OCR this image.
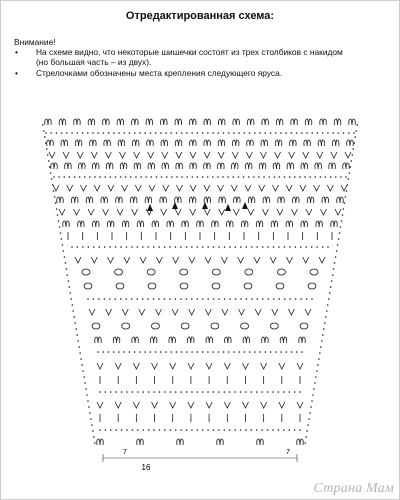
Отредактированная схема:
Внимание!
• На схеме видно, что некоторые шишечки состоят из трех столбиков с накидом
(но большая часть – из двух).
• Стрелочками обозначены места крепления следующего яруса.
16
7	7
Страна Мам
